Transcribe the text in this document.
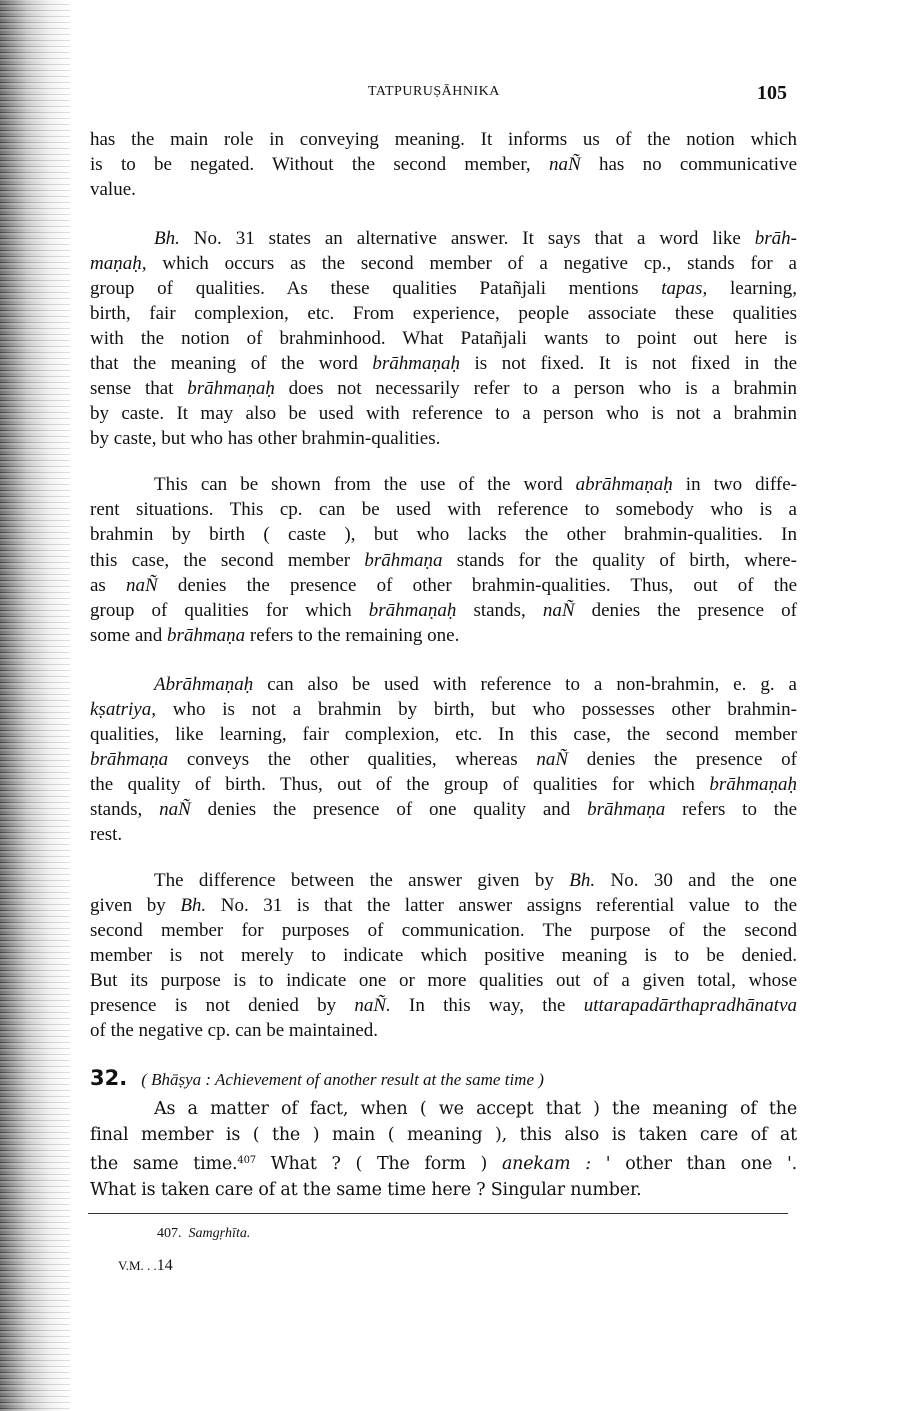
TATPURUṢĀHNIKA	105
has the main role in conveying meaning. It informs us of the notion which
is to be negated. Without the second member, naÑ has no communicative
value.
Bh. No. 31 states an alternative answer. It says that a word like brāh-
maṇaḥ, which occurs as the second member of a negative cp., stands for a
group of qualities. As these qualities Patañjali mentions tapas, learning,
birth, fair complexion, etc. From experience, people associate these qualities
with the notion of brahminhood. What Patañjali wants to point out here is
that the meaning of the word brāhmaṇaḥ is not fixed. It is not fixed in the
sense that brāhmaṇaḥ does not necessarily refer to a person who is a brahmin
by caste. It may also be used with reference to a person who is not a brahmin
by caste, but who has other brahmin-qualities.
This can be shown from the use of the word abrāhmaṇaḥ in two diffe-
rent situations. This cp. can be used with reference to somebody who is a
brahmin by birth ( caste ), but who lacks the other brahmin-qualities. In
this case, the second member brāhmaṇa stands for the quality of birth, where-
as naÑ denies the presence of other brahmin-qualities. Thus, out of the
group of qualities for which brāhmaṇaḥ stands, naÑ denies the presence of
some and brāhmaṇa refers to the remaining one.
Abrāhmaṇaḥ can also be used with reference to a non-brahmin, e. g. a
kṣatriya, who is not a brahmin by birth, but who possesses other brahmin-
qualities, like learning, fair complexion, etc. In this case, the second member
brāhmaṇa conveys the other qualities, whereas naÑ denies the presence of
the quality of birth. Thus, out of the group of qualities for which brāhmaṇaḥ
stands, naÑ denies the presence of one quality and brāhmaṇa refers to the
rest.
The difference between the answer given by Bh. No. 30 and the one
given by Bh. No. 31 is that the latter answer assigns referential value to the
second member for purposes of communication. The purpose of the second
member is not merely to indicate which positive meaning is to be denied.
But its purpose is to indicate one or more qualities out of a given total, whose
presence is not denied by naÑ. In this way, the uttarapadārthapradhānatva
of the negative cp. can be maintained.
32. ( Bhāṣya : Achievement of another result at the same time )
As a matter of fact, when ( we accept that ) the meaning of the
final member is ( the ) main ( meaning ), this also is taken care of at
the same time.$^{407}$ What ? ( The form ) anekam : ' other than one '.
What is taken care of at the same time here ? Singular number.
407. Samgṛhīta.
V.M. . .14
